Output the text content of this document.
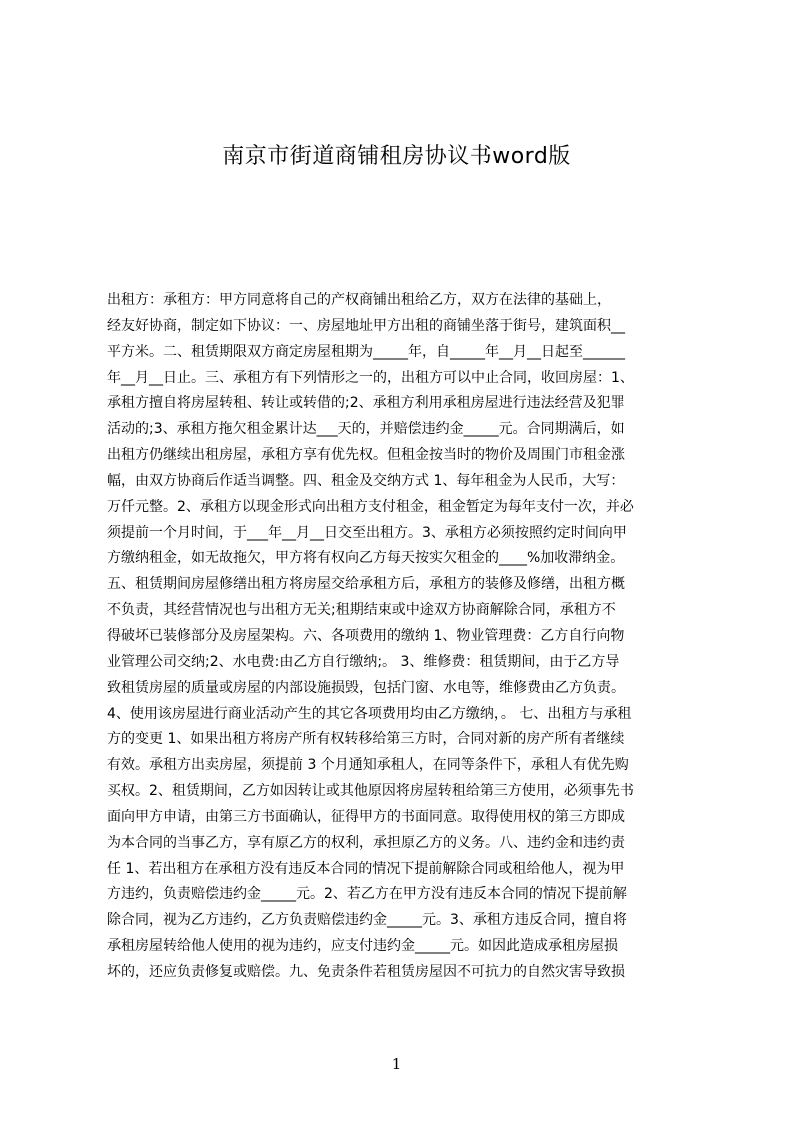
南京市街道商铺租房协议书word版
出租方：承租方：甲方同意将自己的产权商铺出租给乙方，双方在法律的基础上，
经友好协商，制定如下协议：一、房屋地址甲方出租的商铺坐落于街号，建筑面积__
平方米。二、租赁期限双方商定房屋租期为_____年，自_____年__月__日起至______
年__月__日止。三、承租方有下列情形之一的，出租方可以中止合同，收回房屋：1、
承租方擅自将房屋转租、转让或转借的;2、承租方利用承租房屋进行违法经营及犯罪
活动的;3、承租方拖欠租金累计达___天的，并赔偿违约金_____元。合同期满后，如
出租方仍继续出租房屋，承租方享有优先权。但租金按当时的物价及周围门市租金涨
幅，由双方协商后作适当调整。四、租金及交纳方式 1、每年租金为人民币，大写：
万仟元整。2、承租方以现金形式向出租方支付租金，租金暂定为每年支付一次，并必
须提前一个月时间，于___年__月__日交至出租方。3、承租方必须按照约定时间向甲
方缴纳租金，如无故拖欠，甲方将有权向乙方每天按实欠租金的____%加收滞纳金。
五、租赁期间房屋修缮出租方将房屋交给承租方后，承租方的装修及修缮，出租方概
不负责，其经营情况也与出租方无关;租期结束或中途双方协商解除合同，承租方不
得破坏已装修部分及房屋架构。六、各项费用的缴纳 1、物业管理费：乙方自行向物
业管理公司交纳;2、水电费:由乙方自行缴纳;。 3、维修费：租赁期间，由于乙方导
致租赁房屋的质量或房屋的内部设施损毁，包括门窗、水电等，维修费由乙方负责。
4、使用该房屋进行商业活动产生的其它各项费用均由乙方缴纳，。 七、出租方与承租
方的变更 1、如果出租方将房产所有权转移给第三方时，合同对新的房产所有者继续
有效。承租方出卖房屋，须提前 3 个月通知承租人，在同等条件下，承租人有优先购
买权。2、租赁期间，乙方如因转让或其他原因将房屋转租给第三方使用，必须事先书
面向甲方申请，由第三方书面确认，征得甲方的书面同意。取得使用权的第三方即成
为本合同的当事乙方，享有原乙方的权利，承担原乙方的义务。八、违约金和违约责
任 1、若出租方在承租方没有违反本合同的情况下提前解除合同或租给他人，视为甲
方违约，负责赔偿违约金_____元。2、若乙方在甲方没有违反本合同的情况下提前解
除合同，视为乙方违约，乙方负责赔偿违约金_____元。3、承租方违反合同，擅自将
承租房屋转给他人使用的视为违约，应支付违约金_____元。如因此造成承租房屋损
坏的，还应负责修复或赔偿。九、免责条件若租赁房屋因不可抗力的自然灾害导致损
1
